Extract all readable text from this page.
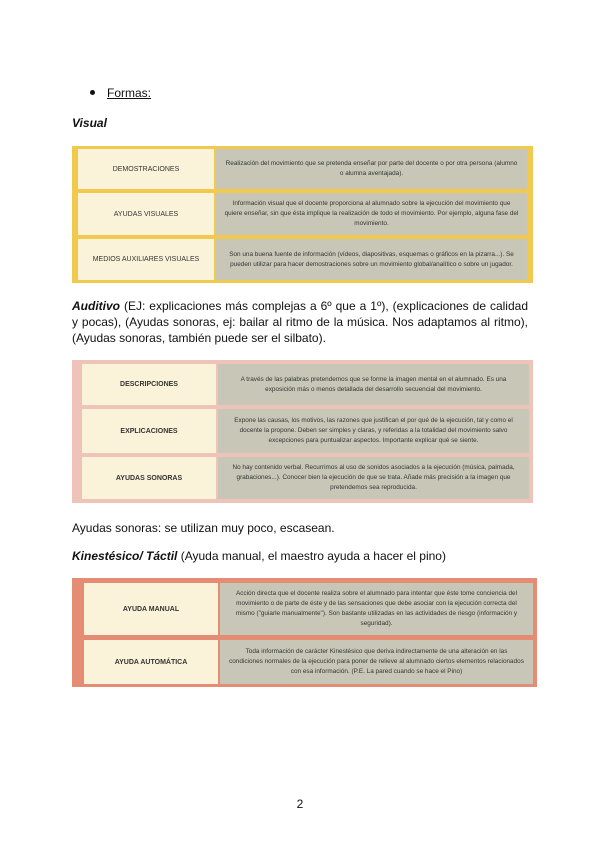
Formas:
Visual
DEMOSTRACIONES
Realización del movimiento que se pretenda enseñar por parte del docente o por otra persona (alumno o alumna aventajada).
AYUDAS VISUALES
Información visual que el docente proporciona al alumnado sobre la ejecución del movimiento que quiere enseñar, sin que ésta implique la realización de todo el movimiento. Por ejemplo, alguna fase del movimiento.
MEDIOS AUXILIARES VISUALES
Son una buena fuente de información (vídeos, diapositivas, esquemas o gráficos en la pizarra...). Se pueden utilizar para hacer demostraciones sobre un movimiento global/analítico o sobre un jugador.
Auditivo (EJ: explicaciones más complejas a 6º que a 1º), (explicaciones de calidad y pocas), (Ayudas sonoras, ej: bailar al ritmo de la música. Nos adaptamos al ritmo), (Ayudas sonoras, también puede ser el silbato).
DESCRIPCIONES
A través de las palabras pretendemos que se forme la imagen mental en el alumnado. Es una exposición más o menos detallada del desarrollo secuencial del movimiento.
EXPLICACIONES
Expone las causas, los motivos, las razones que justifican el por qué de la ejecución, tal y como el docente la propone. Deben ser simples y claras, y referidas a la totalidad del movimiento salvo excepciones para puntualizar aspectos. Importante explicar qué se siente.
AYUDAS SONORAS
No hay contenido verbal. Recurrimos al uso de sonidos asociados a la ejecución (música, palmada, grabaciones...). Conocer bien la ejecución de que se trata. Añade más precisión a la imagen que pretendemos sea reproducida.
Ayudas sonoras: se utilizan muy poco, escasean.
Kinestésico/ Táctil (Ayuda manual, el maestro ayuda a hacer el pino)
AYUDA MANUAL
Acción directa que el docente realiza sobre el alumnado para intentar que éste tome conciencia del movimiento o de parte de éste y de las sensaciones que debe asociar con la ejecución correcta del mismo ("guiarle manualmente"). Son bastante utilizadas en las actividades de riesgo (información y seguridad).
AYUDA AUTOMÁTICA
Toda información de carácter Kinestésico que deriva indirectamente de una alteración en las condiciones normales de la ejecución para poner de relieve al alumnado ciertos elementos relacionados con esa información. (P.E. La pared cuando se hace el Pino)
2
